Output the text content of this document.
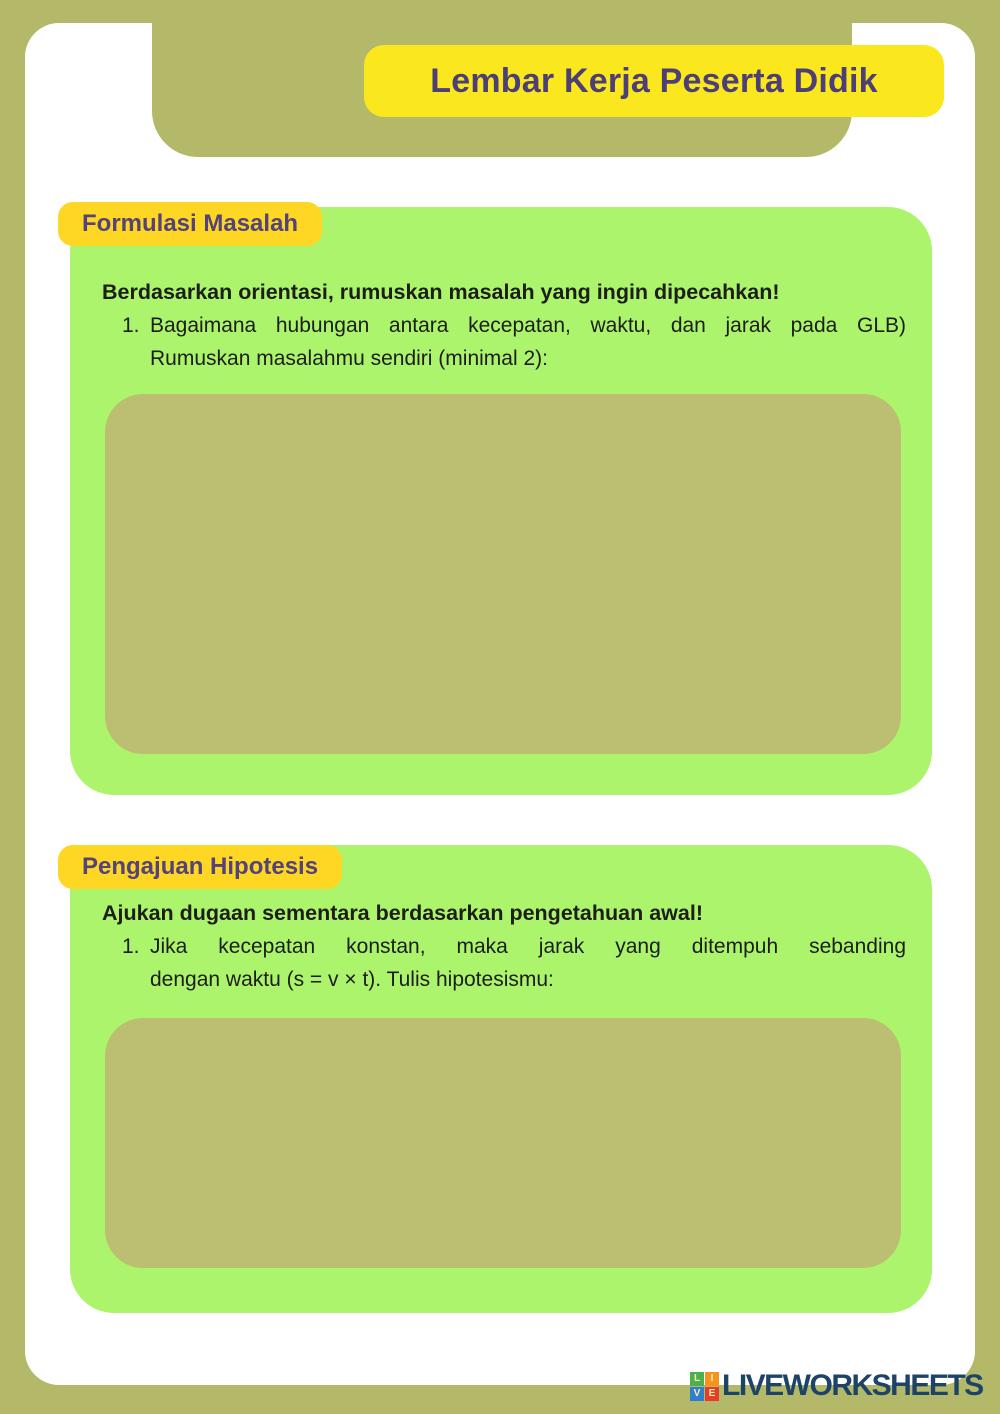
Lembar Kerja Peserta Didik
Formulasi Masalah
Berdasarkan orientasi, rumuskan masalah yang ingin dipecahkan!
1. Bagaimana hubungan antara kecepatan, waktu, dan jarak pada GLB)
Rumuskan masalahmu sendiri (minimal 2):
Pengajuan Hipotesis
Ajukan dugaan sementara berdasarkan pengetahuan awal!
1. Jika kecepatan konstan, maka jarak yang ditempuh sebanding
dengan waktu (s = v × t). Tulis hipotesismu:
L	I
V E LIVEWORKSHEETS
